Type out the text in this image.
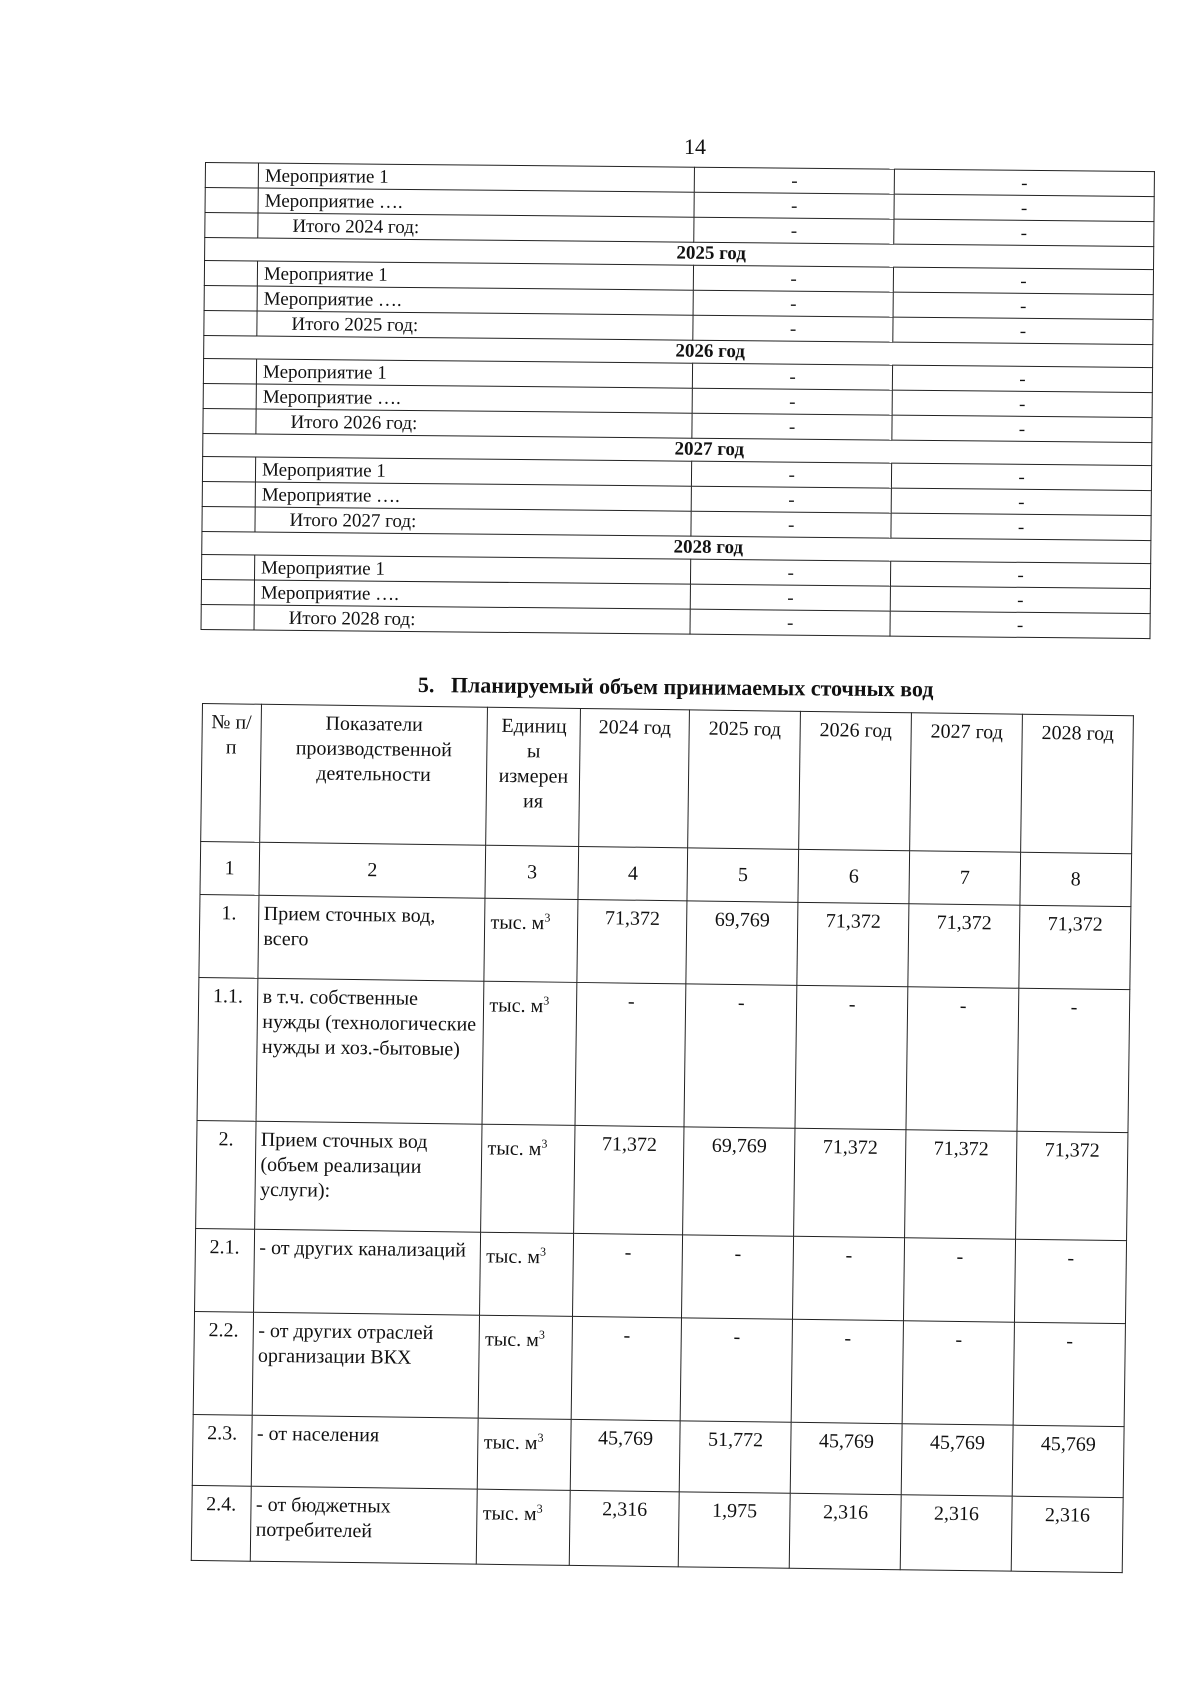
14
	Мероприятие 1	-	-
	Мероприятие ….	-	-
	Итого 2024 год:	-	-
2025 год			
	Мероприятие 1	-	-
	Мероприятие ….	-	-
	Итого 2025 год:	-	-
2026 год			
	Мероприятие 1	-	-
	Мероприятие ….	-	-
	Итого 2026 год:	-	-
2027 год			
	Мероприятие 1	-	-
	Мероприятие ….	-	-
	Итого 2027 год:	-	-
2028 год			
	Мероприятие 1	-	-
	Мероприятие ….	-	-
	Итого 2028 год:	-	-
5. Планируемый объем принимаемых сточных вод
№ п/п	Показатели производственной деятельности	Единиц ы измерен ия	2024 год	2025 год	2026 год	2027 год	2028 год
1	2	3	4	5	6	7	8
1.	Прием сточных вод, всего	тыс. $м^3$	71,372	69,769	71,372	71,372	71,372
1.1.	в т.ч. собственные нужды (технологические нужды и хоз.-бытовые)	тыс. $м^3$	-	-	-	-	-
2.	Прием сточных вод (объем реализации услуги):	тыс. $м^3$	71,372	69,769	71,372	71,372	71,372
2.1.	- от других канализаций	тыс. $м^3$	-	-	-	-	-
2.2.	- от других отраслей организации ВКХ	тыс. $м^3$	-	-	-	-	-
2.3.	- от населения	тыс. $м^3$	45,769	51,772	45,769	45,769	45,769
2.4.	- от бюджетных потребителей	тыс. $м^3$	2,316	1,975	2,316	2,316	2,316
